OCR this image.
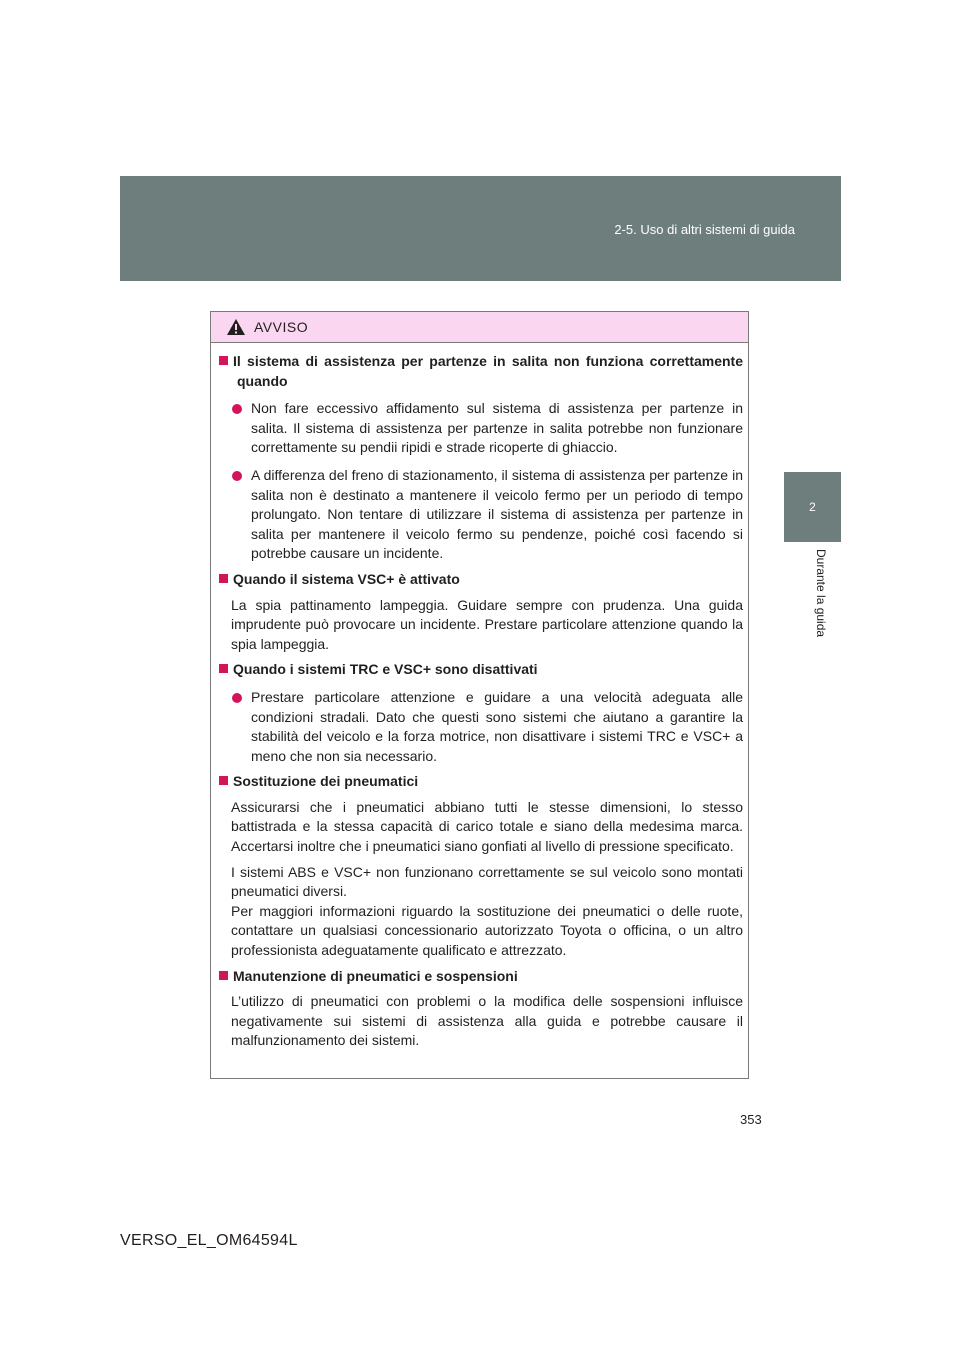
2-5. Uso di altri sistemi di guida
2
Durante la guida
AVVISO
Il sistema di assistenza per partenze in salita non funziona correttamente quando
Non fare eccessivo affidamento sul sistema di assistenza per partenze in salita. Il sistema di assistenza per partenze in salita potrebbe non funzionare correttamente su pendii ripidi e strade ricoperte di ghiaccio.
A differenza del freno di stazionamento, il sistema di assistenza per partenze in salita non è destinato a mantenere il veicolo fermo per un periodo di tempo prolungato. Non tentare di utilizzare il sistema di assistenza per partenze in salita per mantenere il veicolo fermo su pendenze, poiché così facendo si potrebbe causare un incidente.
Quando il sistema VSC+ è attivato
La spia pattinamento lampeggia. Guidare sempre con prudenza. Una guida imprudente può provocare un incidente. Prestare particolare attenzione quando la spia lampeggia.
Quando i sistemi TRC e VSC+ sono disattivati
Prestare particolare attenzione e guidare a una velocità adeguata alle condizioni stradali. Dato che questi sono sistemi che aiutano a garantire la stabilità del veicolo e la forza motrice, non disattivare i sistemi TRC e VSC+ a meno che non sia necessario.
Sostituzione dei pneumatici
Assicurarsi che i pneumatici abbiano tutti le stesse dimensioni, lo stesso battistrada e la stessa capacità di carico totale e siano della medesima marca. Accertarsi inoltre che i pneumatici siano gonfiati al livello di pressione specificato.
I sistemi ABS e VSC+ non funzionano correttamente se sul veicolo sono montati pneumatici diversi.
Per maggiori informazioni riguardo la sostituzione dei pneumatici o delle ruote, contattare un qualsiasi concessionario autorizzato Toyota o officina, o un altro professionista adeguatamente qualificato e attrezzato.
Manutenzione di pneumatici e sospensioni
L’utilizzo di pneumatici con problemi o la modifica delle sospensioni influisce negativamente sui sistemi di assistenza alla guida e potrebbe causare il malfunzionamento dei sistemi.
353
VERSO_EL_OM64594L
